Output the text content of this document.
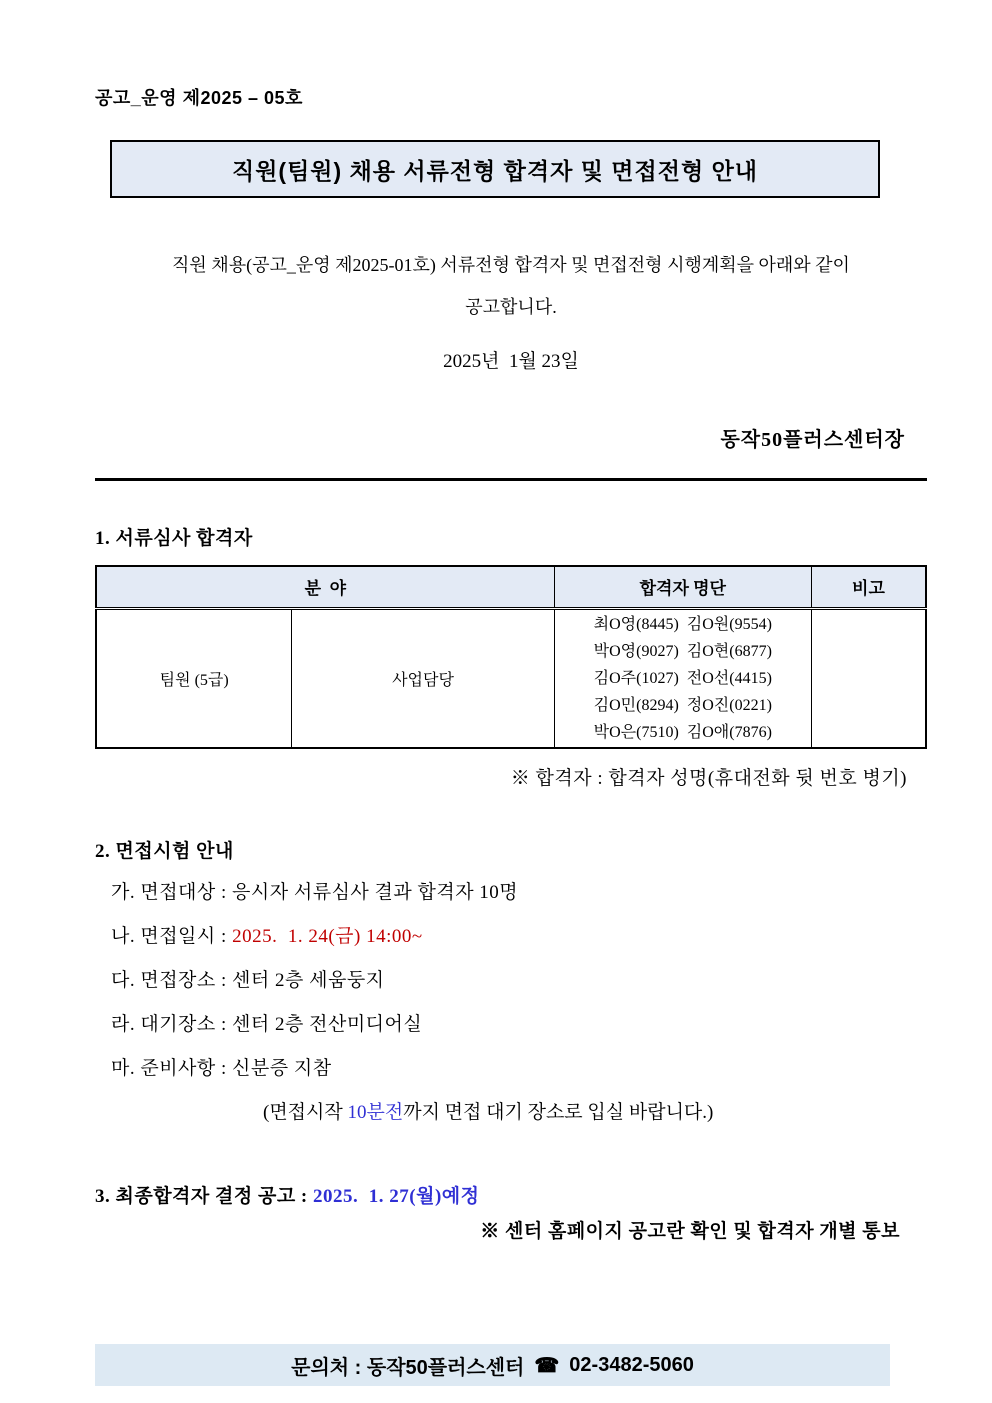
공고_운영 제2025 – 05호
직원(팀원) 채용 서류전형 합격자 및 면접전형 안내
직원 채용(공고_운영 제2025-01호) 서류전형 합격자 및 면접전형 시행계획을 아래와 같이
공고합니다.
2025년  1월 23일
동작50플러스센터장
1. 서류심사 합격자
분  야		합격자 명단	비고
팀원 (5급)	사업담당	최O영(8445)  김O원(9554)
박O영(9027)  김O현(6877)
김O주(1027)  전O선(4415)
김O민(8294)  정O진(0221)
박O은(7510)  김O애(7876)	

※ 합격자 : 합격자 성명(휴대전화 뒷 번호 병기)
2. 면접시험 안내
가. 면접대상 : 응시자 서류심사 결과 합격자 10명
나. 면접일시 : 2025.  1. 24(금) 14:00~
다. 면접장소 : 센터 2층 세움둥지
라. 대기장소 : 센터 2층 전산미디어실
마. 준비사항 : 신분증 지참
(면접시작 10분전까지 면접 대기 장소로 입실 바랍니다.)
3. 최종합격자 결정 공고 : 2025.  1. 27(월)예정
※ 센터 홈페이지 공고란 확인 및 합격자 개별 통보
문의처 : 동작50플러스센터 ☎ 02-3482-5060
